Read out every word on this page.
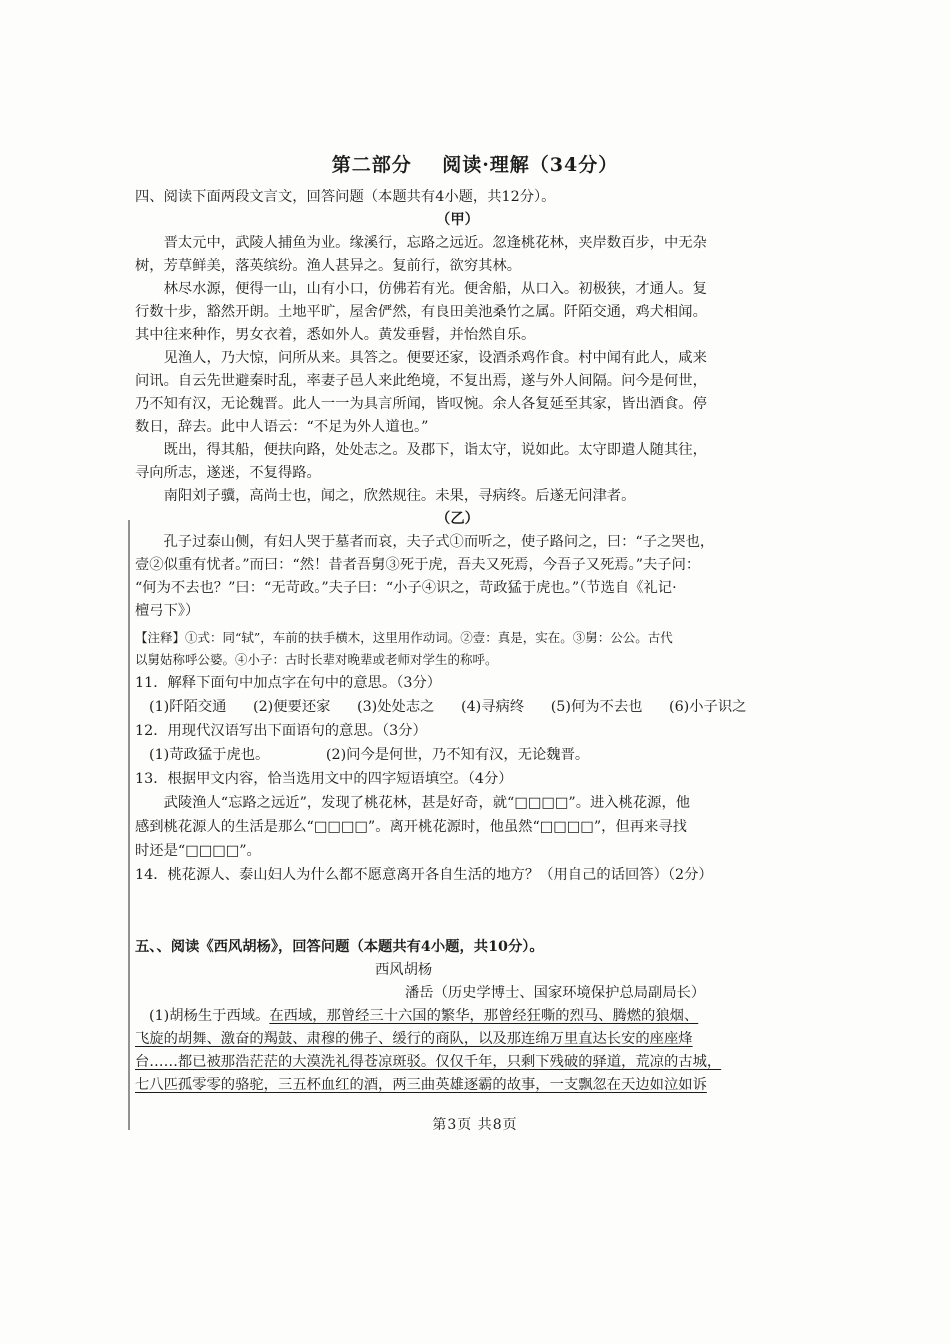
第二部分    阅读·理解（34分）
四、阅读下面两段文言文，回答问题（本题共有4小题，共12分）。
（甲）
晋太元中，武陵人捕鱼为业。缘溪行，忘路之远近。忽逢桃花林，夹岸数百步，中无杂
树，芳草鲜美，落英缤纷。渔人甚异之。复前行，欲穷其林。
林尽水源，便得一山，山有小口，仿佛若有光。便舍船，从口入。初极狭，才通人。复
行数十步，豁然开朗。土地平旷，屋舍俨然，有良田美池桑竹之属。阡陌交通，鸡犬相闻。
其中往来种作，男女衣着，悉如外人。黄发垂髫，并怡然自乐。
见渔人，乃大惊，问所从来。具答之。便要还家，设酒杀鸡作食。村中闻有此人，咸来
问讯。自云先世避秦时乱，率妻子邑人来此绝境，不复出焉，遂与外人间隔。问今是何世，
乃不知有汉，无论魏晋。此人一一为具言所闻，皆叹惋。余人各复延至其家，皆出酒食。停
数日，辞去。此中人语云：“不足为外人道也。”
既出，得其船，便扶向路，处处志之。及郡下，诣太守，说如此。太守即遣人随其往，
寻向所志，遂迷，不复得路。
南阳刘子骥，高尚士也，闻之，欣然规往。未果，寻病终。后遂无问津者。
（乙）
孔子过泰山侧，有妇人哭于墓者而哀，夫子式①而听之，使子路问之，曰：“子之哭也，
壹②似重有忧者。”而曰：“然！昔者吾舅③死于虎，吾夫又死焉，今吾子又死焉。”夫子问：
“何为不去也？”曰：“无苛政。”夫子曰：“小子④识之，苛政猛于虎也。”（节选自《礼记·
檀弓下》）
【注释】①式：同“轼”，车前的扶手横木，这里用作动词。②壹：真是，实在。③舅：公公。古代
以舅姑称呼公婆。④小子：古时长辈对晚辈或老师对学生的称呼。
11．解释下面句中加点字在句中的意思。（3分）
(1)阡陌交通 (2)便要还家 (3)处处志之 (4)寻病终 (5)何为不去也 (6)小子识之
12．用现代汉语写出下面语句的意思。（3分）
(1)苛政猛于虎也。	(2)问今是何世，乃不知有汉，无论魏晋。
13．根据甲文内容，恰当选用文中的四字短语填空。（4分）
武陵渔人“忘路之远近”，发现了桃花林，甚是好奇，就“□□□□”。进入桃花源，他
感到桃花源人的生活是那么“□□□□”。离开桃花源时，他虽然“□□□□”，但再来寻找
时还是“□□□□”。
14．桃花源人、泰山妇人为什么都不愿意离开各自生活的地方？（用自己的话回答）（2分）
五、、阅读《西风胡杨》，回答问题（本题共有4小题，共10分）。
西风胡杨
潘岳（历史学博士、国家环境保护总局副局长）
(1)胡杨生于西域。在西域，那曾经三十六国的繁华，那曾经狂嘶的烈马、腾燃的狼烟、
飞旋的胡舞、激奋的羯鼓、肃穆的佛子、缓行的商队，以及那连绵万里直达长安的座座烽
台……都已被那浩茫茫的大漠洗礼得苍凉斑驳。仅仅千年，只剩下残破的驿道，荒凉的古城，
七八匹孤零零的骆驼，三五杯血红的酒，两三曲英雄逐霸的故事，一支飘忽在天边如泣如诉
第3页 共8页
